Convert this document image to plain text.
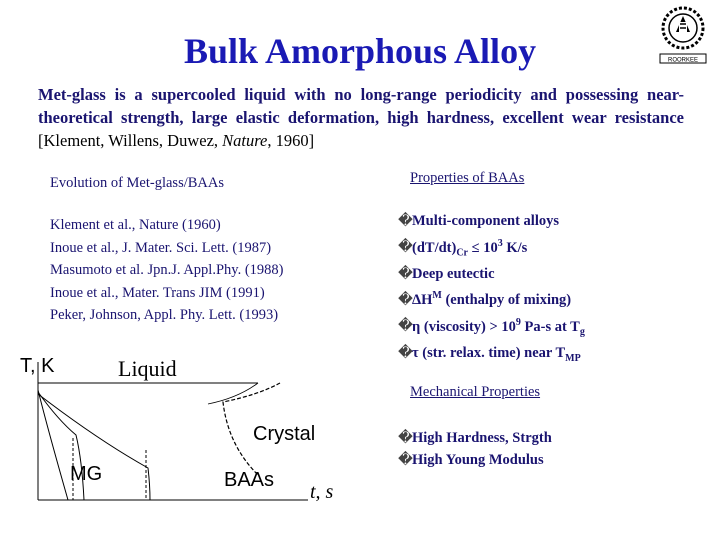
Bulk Amorphous Alloy	ROORKEE
Met-glass is a supercooled liquid with no long-range periodicity and possessing near-theoretical strength, large elastic deformation, high hardness, excellent wear resistance [Klement, Willens, Duwez, Nature, 1960]
Evolution of Met-glass/BAAs
Klement et al., Nature (1960)
Inoue et al., J. Mater. Sci. Lett. (1987)
Masumoto et al. Jpn.J. Appl.Phy. (1988)
Inoue et al., Mater. Trans JIM (1991)
Peker, Johnson, Appl. Phy. Lett. (1993)
Properties of BAAs
�Multi-component alloys
$�(dT/dt)_{Cr} \le 10^3$ K/s
�Deep eutectic
$�\Delta H^M$ (enthalpy of mixing)
�η (viscosity) > $10^9$ Pa-s at $T_g$
�τ (str. relax. time) near $T_{MP}$
Mechanical Properties
�High Hardness, Strgth
�High Young Modulus
T, K	Liquid
Crystal
MG	BAAs
t, s
